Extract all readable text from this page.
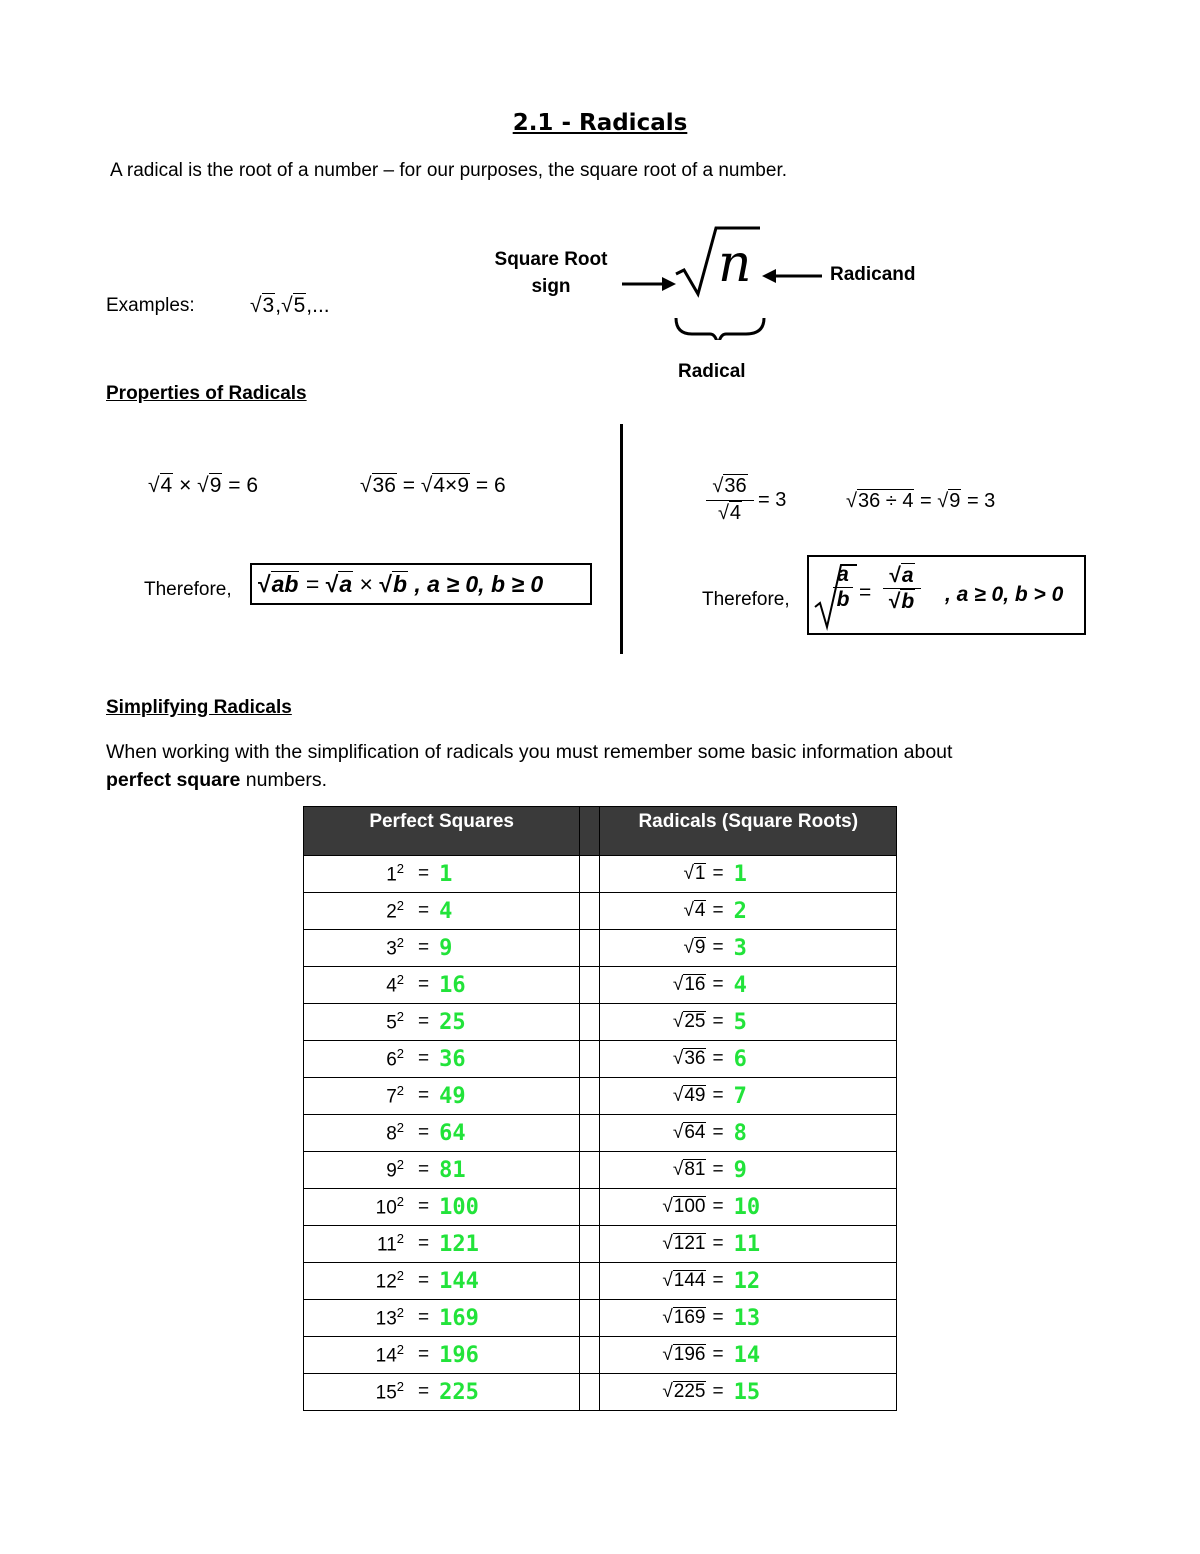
2.1 - Radicals
A radical is the root of a number – for our purposes, the square root of a number.
Examples:	√3,√5,...
Square Root
sign	n	Radicand
Radical
Properties of Radicals
√4 × √9 = 6	√36 = √4×9 = 6
Therefore, √ ab
=
√ a
×
√ b
, a ≥ 0, b ≥ 0
√36
√4
= 3	√36 ÷ 4 = √9 = 3
Therefore, $\frac{a}{b}$ =
√a
√b	, a ≥ 0, b > 0
Simplifying Radicals
When working with the simplification of radicals you must remember some basic information about
perfect square numbers.
Perfect Squares		Radicals (Square Roots)

$1^2 = 1$		√1 = 1

$2^2 = 4$		√4 = 2

$3^2 = 9$		√9 = 3

$4^2 = 16$		√16 = 4

$5^2 = 25$		√25 = 5

$6^2 = 36$		√36 = 6

$7^2 = 49$		√49 = 7

$8^2 = 64$		√64 = 8

$9^2 = 81$		√81 = 9

$10^2 = 100$		√100 = 10

$11^2 = 121$		√121 = 11

$12^2 = 144$		√144 = 12

$13^2 = 169$		√169 = 13

$14^2 = 196$		√196 = 14

$15^2 = 225$		√225 = 15
